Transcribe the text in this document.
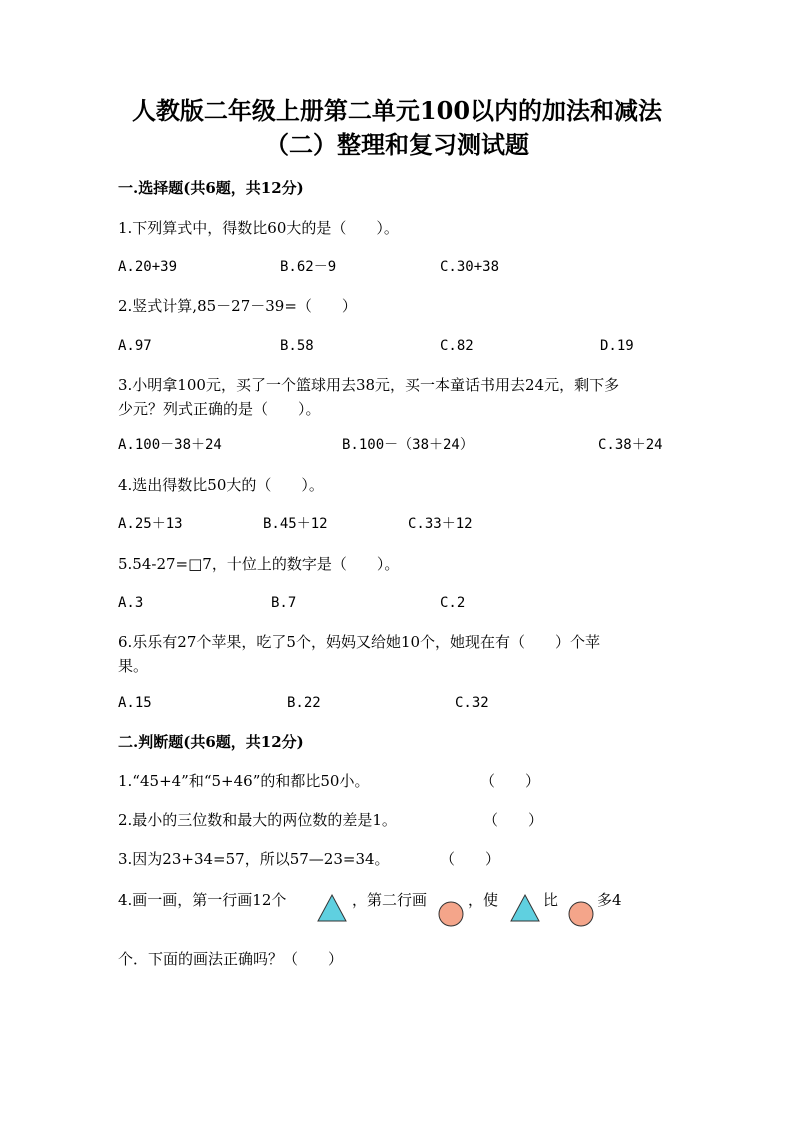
人教版二年级上册第二单元100以内的加法和减法
（二）整理和复习测试题
一.选择题(共6题，共12分)
1.下列算式中，得数比60大的是（　　）。
A.20+39	B.62－9	C.30+38
2.竖式计算,85－27－39=（　　）
A.97	B.58	C.82	D.19
3.小明拿100元，买了一个篮球用去38元，买一本童话书用去24元，剩下多
少元？列式正确的是（　　）。
A.100－38＋24	B.100－（38＋24）	C.38＋24
4.选出得数比50大的（　　）。
A.25＋13	B.45＋12	C.33＋12
5.54-27=□7，十位上的数字是（　　）。
A.3	B.7	C.2
6.乐乐有27个苹果，吃了5个，妈妈又给她10个，她现在有（　　）个苹
果。
A.15	B.22	C.32
二.判断题(共6题，共12分)
1.“45+4”和“5+46”的和都比50小。	（　　）
2.最小的三位数和最大的两位数的差是1。	（　　）
3.因为23+34=57，所以57—23=34。	（　　）
4.画一画，第一行画12个	，第二行画	，使	比	多4
个．下面的画法正确吗？（　　）
